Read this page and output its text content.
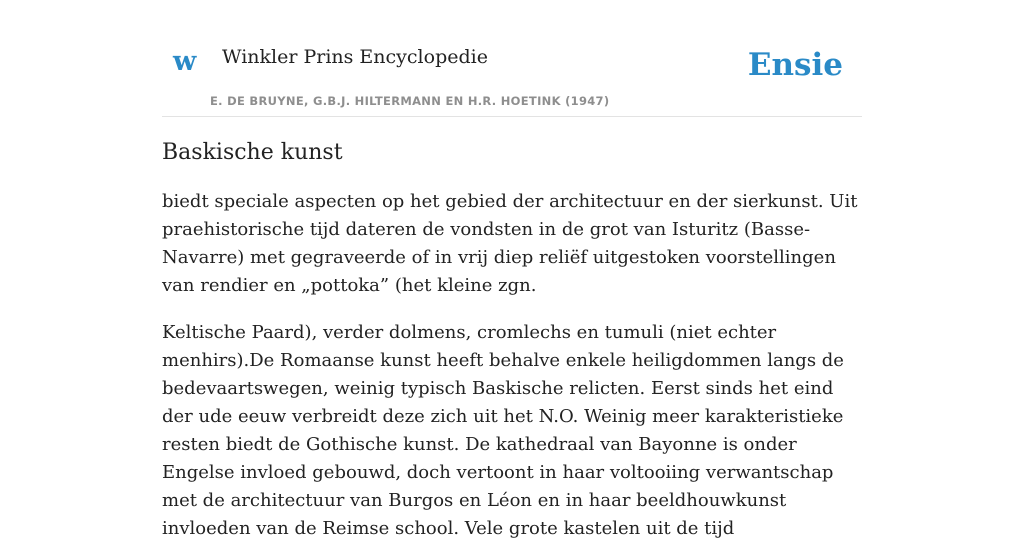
w Winkler Prins Encyclopedie
E. DE BRUYNE, G.B.J. HILTERMANN EN H.R. HOETINK (1947)
Ensie
Baskische kunst

biedt speciale aspecten op het gebied der architectuur en der sierkunst. Uit praehistorische tijd dateren de vondsten in de grot van Isturitz (Basse-Navarre) met gegraveerde of in vrij diep reliëf uitgestoken voorstellingen van rendier en „pottoka” (het kleine zgn.

Keltische Paard), verder dolmens, cromlechs en tumuli (niet echter menhirs).De Romaanse kunst heeft behalve enkele heiligdommen langs de bedevaartswegen, weinig typisch Baskische relicten. Eerst sinds het eind der ude eeuw verbreidt deze zich uit het N.O. Weinig meer karakteristieke resten biedt de Gothische kunst. De kathedraal van Bayonne is onder Engelse invloed gebouwd, doch vertoont in haar voltooiing verwantschap met de architectuur van Burgos en Léon en in haar beeldhouwkunst invloeden van de Reimse school. Vele grote kastelen uit de tijd
